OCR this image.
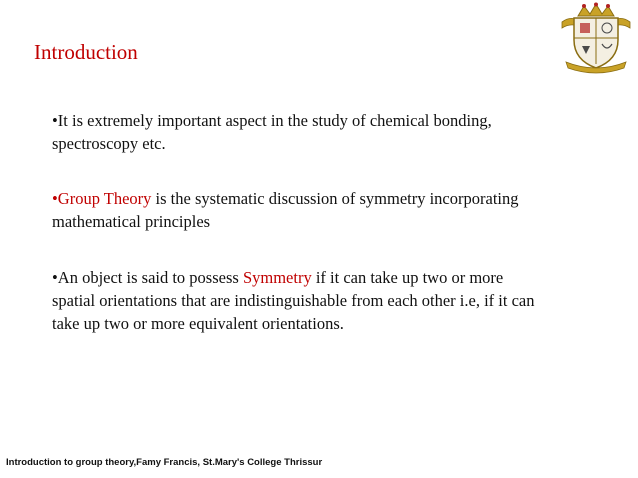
Introduction
•It is extremely important aspect in the study of chemical bonding,
spectroscopy etc.
•Group Theory is the systematic discussion of symmetry incorporating
mathematical principles
•An object is said to possess Symmetry if it can take up two or more
spatial orientations that are indistinguishable from each other i.e, if it can
take up two or more equivalent orientations.
Introduction to group theory,Famy Francis, St.Mary's College Thrissur
